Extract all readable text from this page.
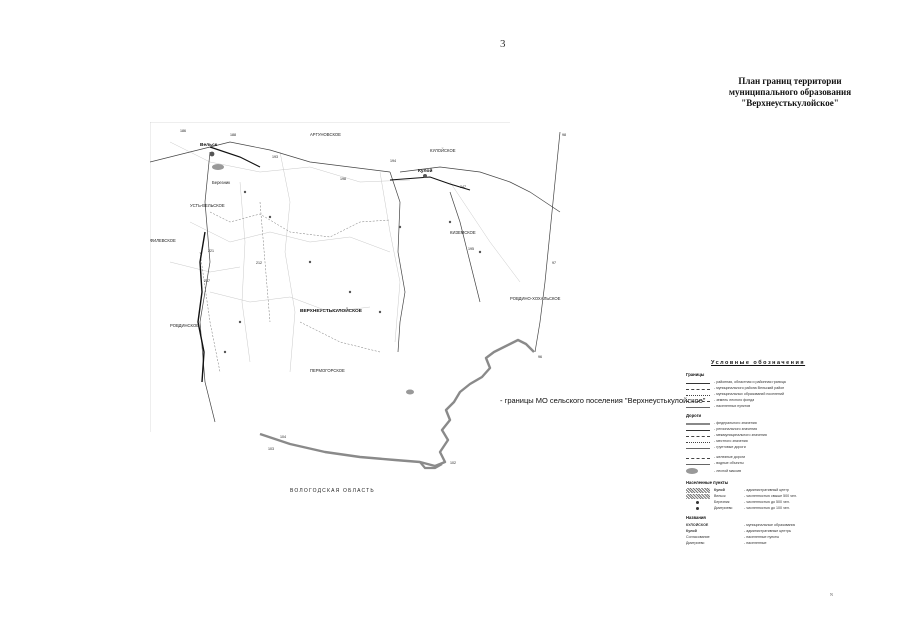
3
План границ территории
муниципального образования
"Верхнеустькулойское"
ВЕРХНЕУСТЬКУЛОЙСКОЕ
АРГУНОВСКОЕ
КУЛОЙСКОЕ
УСТЬ-ВЕЛЬСКОЕ
ФИЛЕВСКОЕ
РОВДИНСКОЕ
КИЗЕМСКОЕ
ПЕРМОГОРСКОЕ
РОВДИНО-ХОХАЛЬСКОЕ
Кулой
Вельск
Березник
186
188
193
194
198
212
221
237
247
98
97
96
195
102
103
104
ВОЛОГОДСКАЯ ОБЛАСТЬ
- границы МО сельского поселения "Верхнеустькулойское"
Условные обозначения
Границы
- районная, областная и районная граница
- муниципального района Вельский район
- муниципальных образований поселений
- земель лесного фонда
- населенных пунктов
Дороги
- федерального значения
- регионального значения
- межмуниципального значения
- местного значения
- грунтовые дороги
- железные дороги
- водные объекты
- лесной массив
Населенные пункты
Кулой	- административный центр
Вельск	- численностью свыше 500 чел.
Березник	- численностью до 500 чел.
Дмитриево	- численностью до 100 чел.
Названия
КУЛОЙСКОЕ	- муниципальные образования
Кулой	- административные центры
Согласование	- населенные пункты
Дмитриево	- населенные
N
